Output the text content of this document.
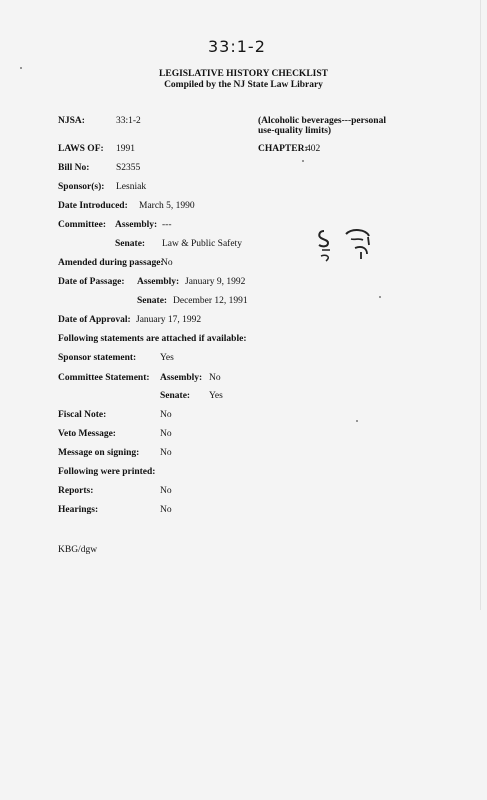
33:1-2
LEGISLATIVE HISTORY CHECKLIST
Compiled by the NJ State Law Library
NJSA:	33:1-2	(Alcoholic beverages---personal
use-quality limits)
LAWS OF: 1991	CHAPTER:
402
Bill No:	S2355
Sponsor(s): Lesniak
Date Introduced: March 5, 1990
Committee: Assembly: ---
Senate: Law & Public Safety
Amended during passage:
No
Date of Passage: Assembly: January 9, 1992
Senate: December 12, 1991
Date of Approval: January 17, 1992
Following statements are attached if available:
Sponsor statement:	Yes
Committee Statement: Assembly: No
Senate: Yes
Fiscal Note:	No
Veto Message:	No
Message on signing: No
Following were printed:
Reports:	No
Hearings:	No
KBG/dgw
